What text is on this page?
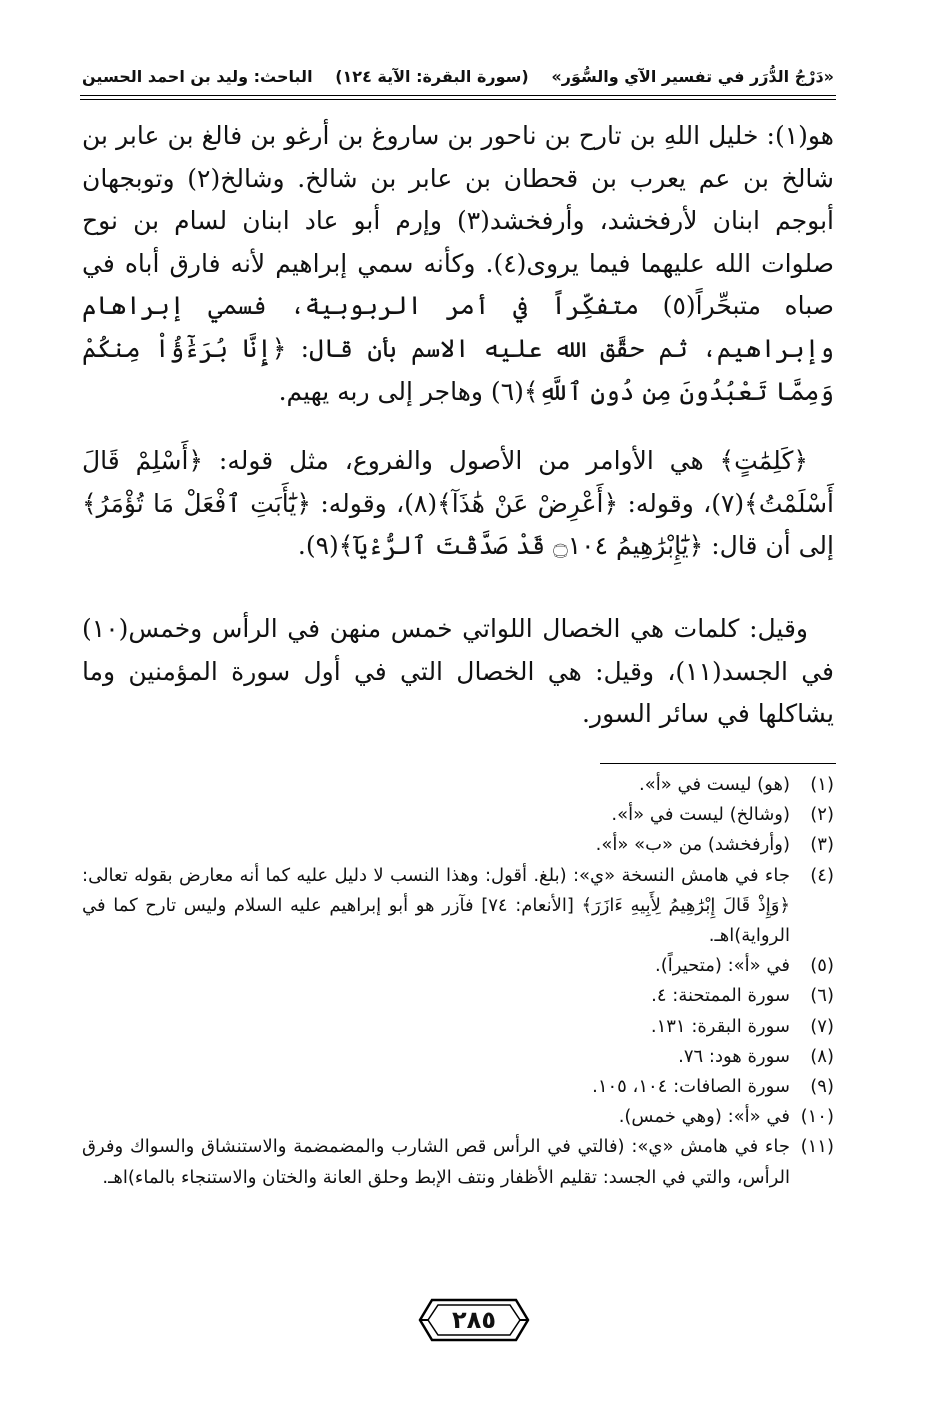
«دَرْجُ الدُّرَر في تفسير الآي والسُّوَر»
(سورة البقرة: الآية ١٢٤)
الباحث: وليد بن احمد الحسين

هو(١): خليل اللهِ بن تارح بن ناحور بن ساروغ بن أرغو بن فالغ بن عابر بن شالخ بن عم يعرب بن قحطان بن عابر بن شالخ. وشالخ(٢) وتوبجهان أبوجم ابنان لأرفخشد، وأرفخشد(٣) وإرم أبو عاد ابنان لسام بن نوح صلوات الله عليهما فيما يروى(٤). وكأنه سمي إبراهيم لأنه فارق أباه في صباه متبحِّراً(٥) متفكِّراً في أمر الربوبية، فسمي إبراهام وإبراهيم، ثم حقَّق الله عليه الاسم بأن قال: ﴿إِنَّا بُرَءَٰٓؤُاْ مِنكُمْ وَمِمَّا تَعْبُدُونَ مِن دُونِ ٱللَّهِ﴾(٦) وهاجر إلى ربه يهيم.

﴿كَلِمَٰتٍ﴾ هي الأوامر من الأصول والفروع، مثل قوله: ﴿أَسْلِمْ قَالَ أَسْلَمْتُ﴾(٧)، وقوله: ﴿أَعْرِضْ عَنْ هَٰذَآ﴾(٨)، وقوله: ﴿يَٰٓأَبَتِ ٱفْعَلْ مَا تُؤْمَرُ﴾ إلى أن قال: ﴿يَٰٓإِبْرَٰهِيمُ ۝١٠٤ قَدْ صَدَّقْتَ ٱلرُّءْيَآ﴾(٩).

وقيل: كلمات هي الخصال اللواتي خمس منهن في الرأس وخمس(١٠) في الجسد(١١)، وقيل: هي الخصال التي في أول سورة المؤمنين وما يشاكلها في سائر السور.

(١)
(هو) ليست في «أ».
(٢)
(وشالخ) ليست في «أ».
(٣)
(وأرفخشد) من «ب» «أ».
(٤)
جاء في هامش النسخة «ي»: (بلغ. أقول: وهذا النسب لا دليل عليه كما أنه معارض بقوله تعالى: ﴿وَإِذْ قَالَ إِبْرَٰهِيمُ لِأَبِيهِ ءَازَرَ﴾ [الأنعام: ٧٤] فآزر هو أبو إبراهيم عليه السلام وليس تارح كما في الرواية)اهـ.
(٥)
في «أ»: (متحيراً).
(٦)
سورة الممتحنة: ٤.
(٧)
سورة البقرة: ١٣١.
(٨)
سورة هود: ٧٦.
(٩)
سورة الصافات: ١٠٤، ١٠٥.
(١٠)
في «أ»: (وهي خمس).
(١١)
جاء في هامش «ي»: (فالتي في الرأس قص الشارب والمضمضمة والاستنشاق والسواك وفرق الرأس، والتي في الجسد: تقليم الأظفار ونتف الإبط وحلق العانة والختان والاستنجاء بالماء)اهـ.
٢٨٥
